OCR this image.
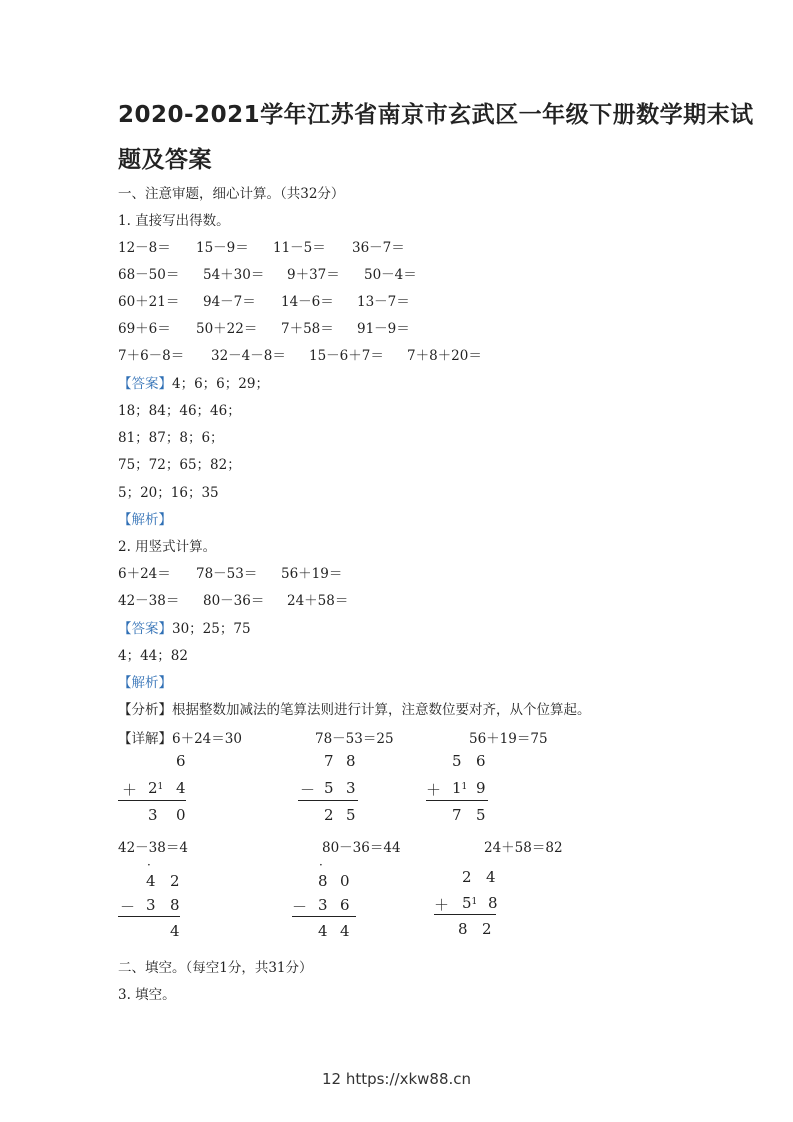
2020-2021学年江苏省南京市玄武区一年级下册数学期末试
题及答案
一、注意审题，细心计算。（共32分）
1. 直接写出得数。
12－8＝ 15－9＝ 11－5＝ 36－7＝
68－50＝ 54＋30＝ 9＋37＝ 50－4＝
60＋21＝ 94－7＝ 14－6＝ 13－7＝
69＋6＝ 50＋22＝ 7＋58＝ 91－9＝
7＋6－8＝ 32－4－8＝ 15－6＋7＝ 7＋8＋20＝
【答案】4；6；6；29；
18；84；46；46；
81；87；8；6；
75；72；65；82；
5；20；16；35
【解析】
2. 用竖式计算。
6＋24＝ 78－53＝ 56＋19＝
42－38＝ 80－36＝ 24＋58＝
【答案】30；25；75
4；44；82
【解析】
【分析】根据整数加减法的笔算法则进行计算，注意数位要对齐，从个位算起。
【详解】6＋24＝30	78－53＝25	56＋19＝75
6
＋ 2 1 4
3 0
7 8
－ 5 3
2 5
5 6
＋ 1 1 9
7 5
42－38＝4	80－36＝44	24＋58＝82
·
4 2
－ 3 8
4
·
8 0
－ 3 6
4 4
2 4
＋ 5 1 8
8 2
二、填空。（每空1分，共31分）
3. 填空。
12 https://xkw88.cn
